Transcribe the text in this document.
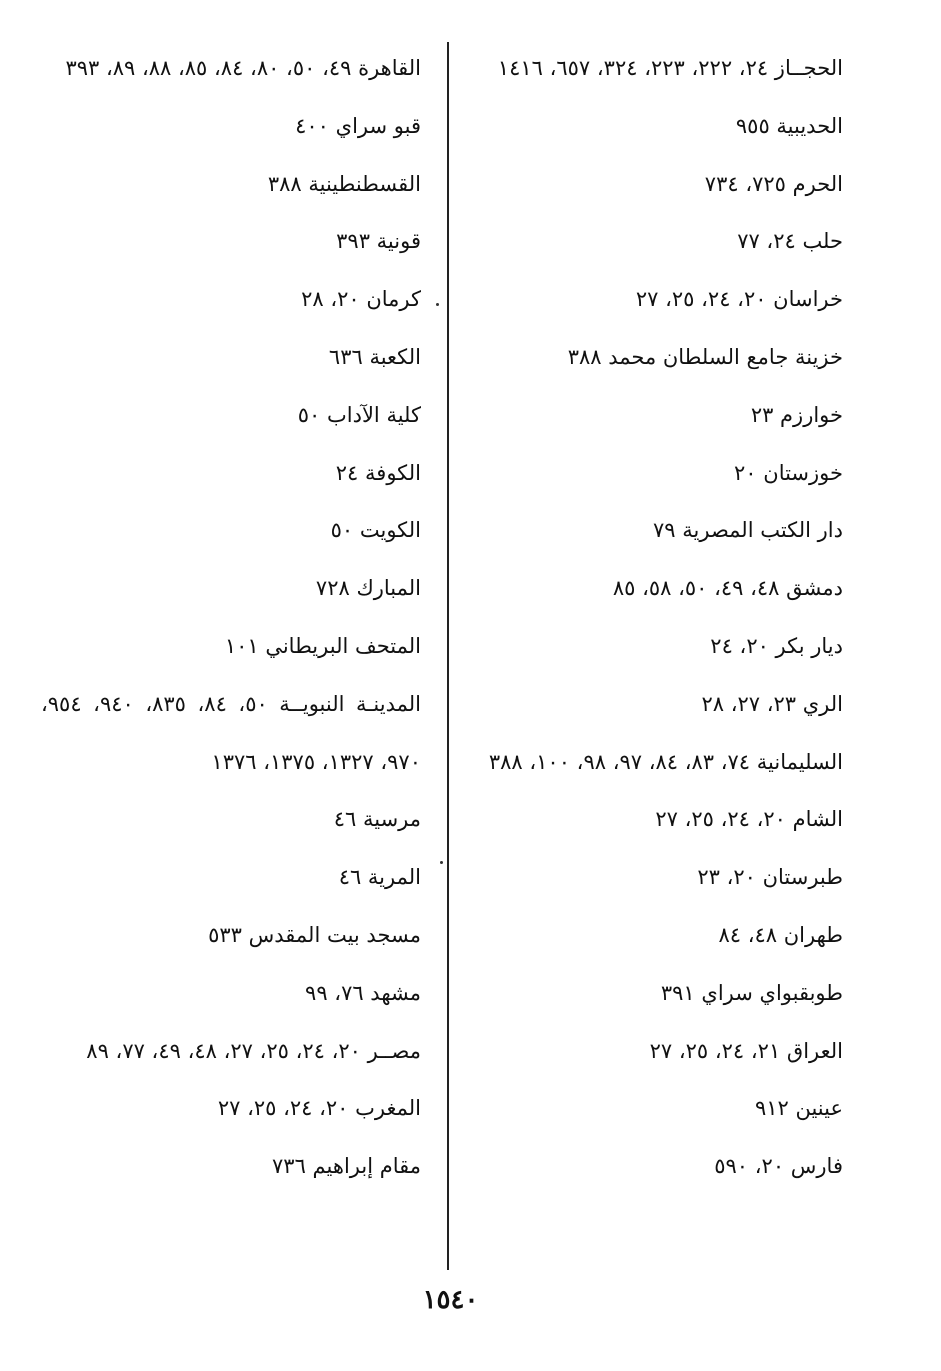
الحجــاز ٢٤، ٢٢٢، ٢٢٣، ٣٢٤، ٦٥٧، ١٤١٦
الحديبية ٩٥٥
الحرم ٧٢٥، ٧٣٤
حلب ٢٤، ٧٧
خراسان ٢٠، ٢٤، ٢٥، ٢٧
خزينة جامع السلطان محمد ٣٨٨
خوارزم ٢٣
خوزستان ٢٠
دار الكتب المصرية ٧٩
دمشق ٤٨، ٤٩، ٥٠، ٥٨، ٨٥
ديار بكر ٢٠، ٢٤
الري ٢٣، ٢٧، ٢٨
السليمانية ٧٤، ٨٣، ٨٤، ٩٧، ٩٨، ١٠٠، ٣٨٨
الشام ٢٠، ٢٤، ٢٥، ٢٧
طبرستان ٢٠، ٢٣
طهران ٤٨، ٨٤
طوبقبواي سراي ٣٩١
العراق ٢١، ٢٤، ٢٥، ٢٧
عينين ٩١٢
فارس ٢٠، ٥٩٠
القاهرة ٤٩، ٥٠، ٨٠، ٨٤، ٨٥، ٨٨، ٨٩، ٣٩٣
قبو سراي ٤٠٠
القسطنطينية ٣٨٨
قونية ٣٩٣
كرمان ٢٠، ٢٨
الكعبة ٦٣٦
كلية الآداب ٥٠
الكوفة ٢٤
الكويت ٥٠
المبارك ٧٢٨
المتحف البريطاني ١٠١
المدينـة النبويــة ٥٠، ٨٤، ٨٣٥، ٩٤٠، ٩٥٤، ٩٧٠، ١٣٢٧، ١٣٧٥، ١٣٧٦
مرسية ٤٦
المرية ٤٦
مسجد بيت المقدس ٥٣٣
مشهد ٧٦، ٩٩
مصــر ٢٠، ٢٤، ٢٥، ٢٧، ٤٨، ٤٩، ٧٧، ٨٩
المغرب ٢٠، ٢٤، ٢٥، ٢٧
مقام إبراهيم ٧٣٦
١٥٤٠
